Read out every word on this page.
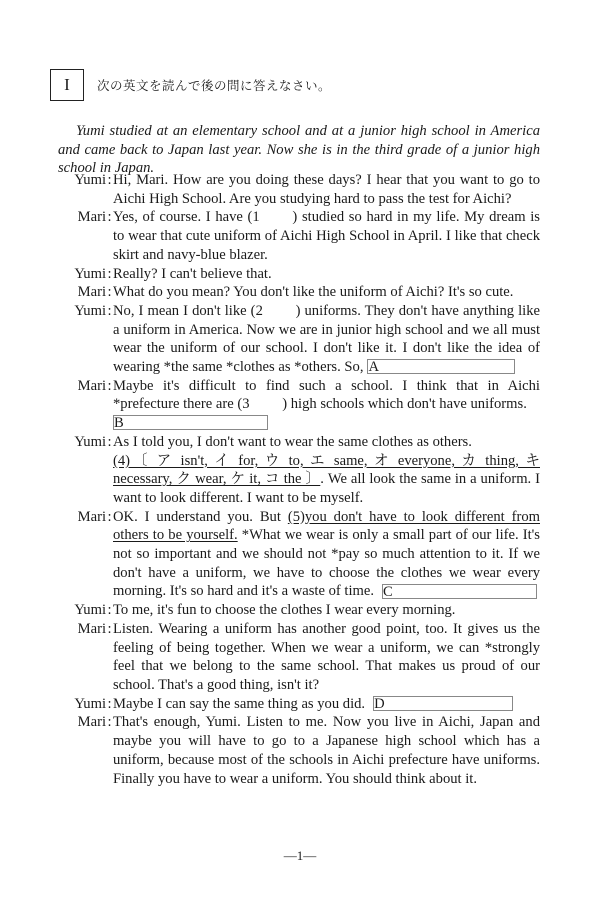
I	次の英文を読んで後の問に答えなさい。
Yumi studied at an elementary school and at a junior high school in America and came back to Japan last year. Now she is in the third grade of a junior high school in Japan.
Yumi : Hi, Mari. How are you doing these days? I hear that you want to go to Aichi High School. Are you studying hard to pass the test for Aichi?
Mari : Yes, of course. I have (1 ) studied so hard in my life. My dream is to wear that cute uniform of Aichi High School in April. I like that check skirt and navy-blue blazer.
Yumi : Really? I can't believe that.
Mari : What do you mean? You don't like the uniform of Aichi? It's so cute.
Yumi : No, I mean I don't like (2 ) uniforms. They don't have anything like a uniform in America. Now we are in junior high school and we all must wear the uniform of our school. I don't like it. I don't like the idea of wearing *the same *clothes as *others. So, A
Mari : Maybe it's difficult to find such a school. I think that in Aichi *prefecture there are (3 ) high schools which don't have uniforms.
B
Yumi : As I told you, I don't want to wear the same clothes as others.
(4)〔 ア isn't, イ for, ウ to, エ same, オ everyone, カ thing, キ necessary, ク wear, ケ it, コ the 〕. We all look the same in a uniform. I want to look different. I want to be myself.
Mari : OK. I understand you. But (5)you don't have to look different from others to be yourself. *What we wear is only a small part of our life. It's not so important and we should not *pay so much attention to it. If we don't have a uniform, we have to choose the clothes we wear every morning. It's so hard and it's a waste of time. C
Yumi : To me, it's fun to choose the clothes I wear every morning.
Mari : Listen. Wearing a uniform has another good point, too. It gives us the feeling of being together. When we wear a uniform, we can *strongly feel that we belong to the same school. That makes us proud of our school. That's a good thing, isn't it?
Yumi : Maybe I can say the same thing as you did. D
Mari : That's enough, Yumi. Listen to me. Now you live in Aichi, Japan and maybe you will have to go to a Japanese high school which has a uniform, because most of the schools in Aichi prefecture have uniforms. Finally you have to wear a uniform. You should think about it.
—1—
